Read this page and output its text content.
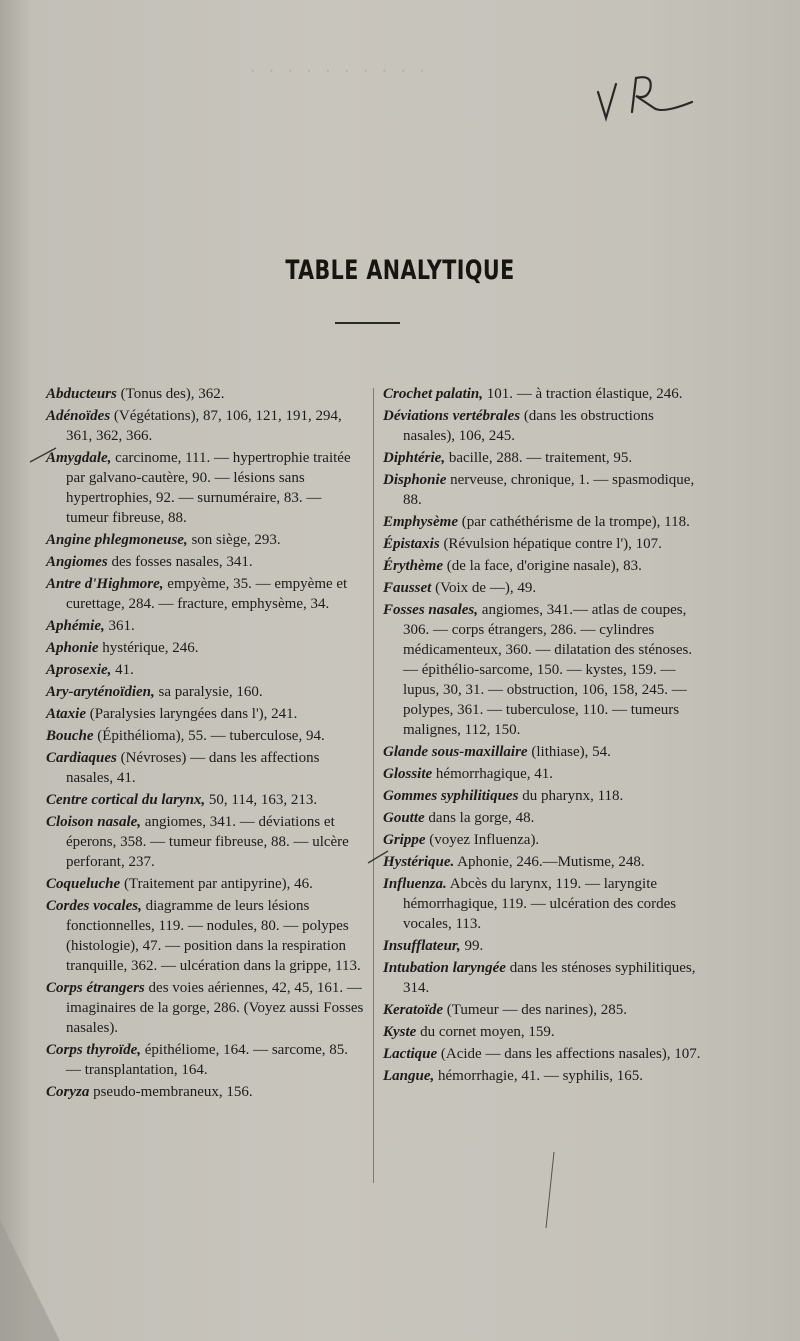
· · · · · · · · · ·
TABLE ANALYTIQUE

Abducteurs (Tonus des), 362.

Adénoïdes (Végétations), 87, 106, 121, 191, 294, 361, 362, 366.

Amygdale, carcinome, 111. — hypertrophie traitée par galvano-cautère, 90. — lésions sans hypertrophies, 92. — surnuméraire, 83. — tumeur fibreuse, 88.

Angine phlegmoneuse, son siège, 293.

Angiomes des fosses nasales, 341.

Antre d'Highmore, empyème, 35. — empyème et curettage, 284. — fracture, emphysème, 34.

Aphémie, 361.

Aphonie hystérique, 246.

Aprosexie, 41.

Ary-aryténoïdien, sa paralysie, 160.

Ataxie (Paralysies laryngées dans l'), 241.

Bouche (Épithélioma), 55. — tuberculose, 94.

Cardiaques (Névroses) — dans les affections nasales, 41.

Centre cortical du larynx, 50, 114, 163, 213.

Cloison nasale, angiomes, 341. — déviations et éperons, 358. — tumeur fibreuse, 88. — ulcère perforant, 237.

Coqueluche (Traitement par antipyrine), 46.

Cordes vocales, diagramme de leurs lésions fonctionnelles, 119. — nodules, 80. — polypes (histologie), 47. — position dans la respiration tranquille, 362. — ulcération dans la grippe, 113.

Corps étrangers des voies aériennes, 42, 45, 161. — imaginaires de la gorge, 286. (Voyez aussi Fosses nasales).

Corps thyroïde, épithéliome, 164. — sarcome, 85. — transplantation, 164.

Coryza pseudo-membraneux, 156.

Crochet palatin, 101. — à traction élastique, 246.

Déviations vertébrales (dans les obstructions nasales), 106, 245.

Diphtérie, bacille, 288. — traitement, 95.

Disphonie nerveuse, chronique, 1. — spasmodique, 88.

Emphysème (par cathéthérisme de la trompe), 118.

Épistaxis (Révulsion hépatique contre l'), 107.

Érythème (de la face, d'origine nasale), 83.

Fausset (Voix de —), 49.

Fosses nasales, angiomes, 341.— atlas de coupes, 306. — corps étrangers, 286. — cylindres médicamenteux, 360. — dilatation des sténoses. — épithélio-sarcome, 150. — kystes, 159. — lupus, 30, 31. — obstruction, 106, 158, 245. — polypes, 361. — tuberculose, 110. — tumeurs malignes, 112, 150.

Glande sous-maxillaire (lithiase), 54.

Glossite hémorrhagique, 41.

Gommes syphilitiques du pharynx, 118.

Goutte dans la gorge, 48.

Grippe (voyez Influenza).

Hystérique. Aphonie, 246.—Mutisme, 248.

Influenza. Abcès du larynx, 119. — laryngite hémorrhagique, 119. — ulcération des cordes vocales, 113.

Insufflateur, 99.

Intubation laryngée dans les sténoses syphilitiques, 314.

Keratoïde (Tumeur — des narines), 285.

Kyste du cornet moyen, 159.

Lactique (Acide — dans les affections nasales), 107.

Langue, hémorrhagie, 41. — syphilis, 165.
